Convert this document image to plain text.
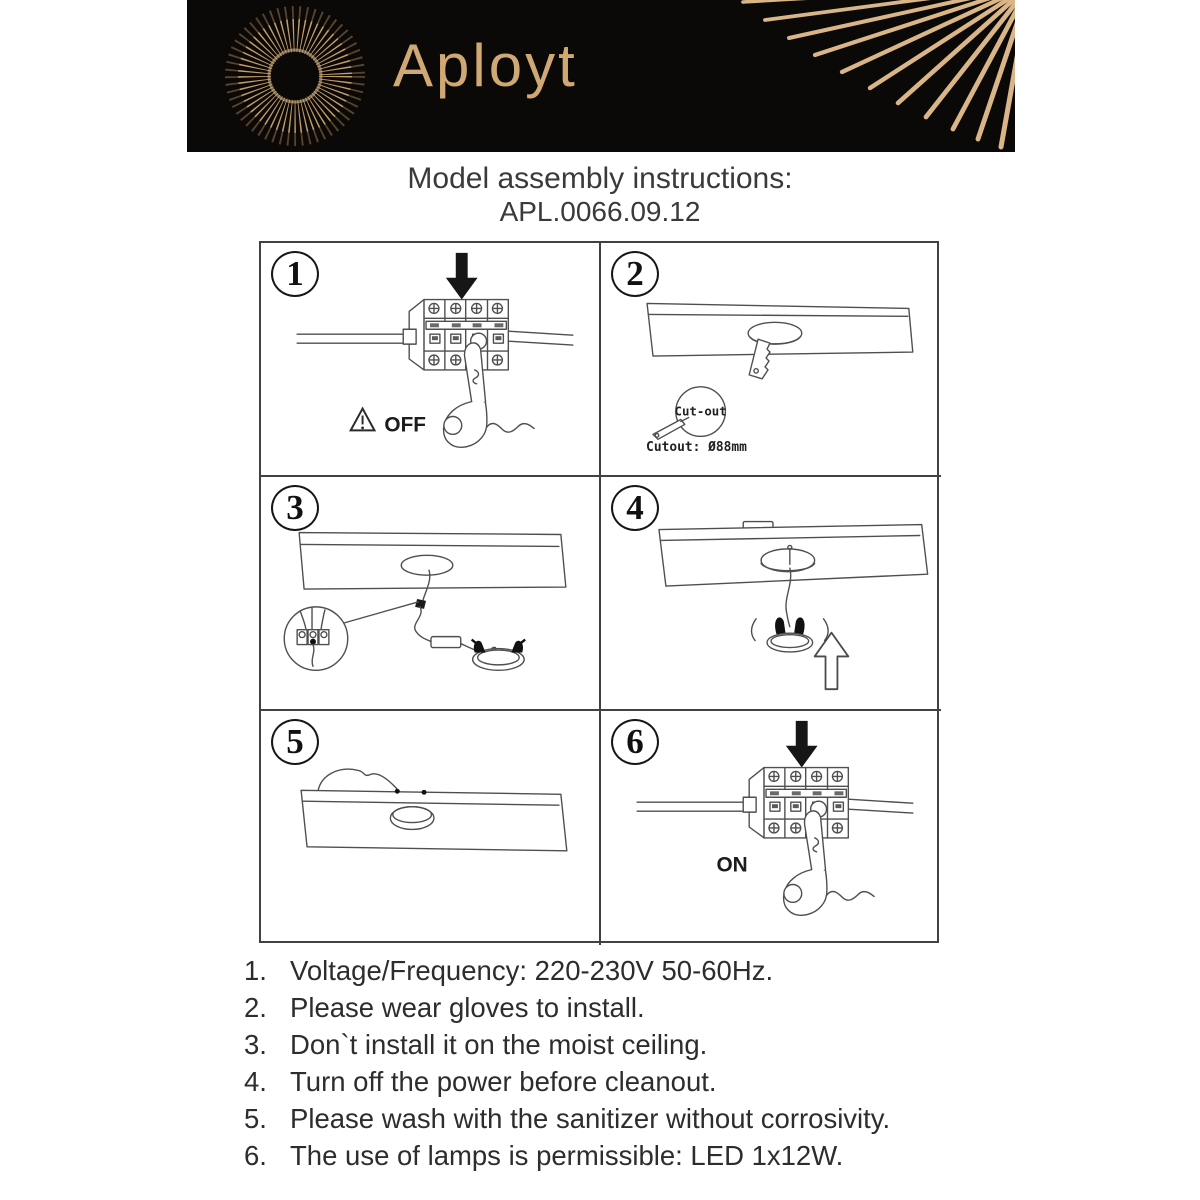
Aployt
Model assembly instructions:
APL.0066.09.12
1
OFF
2
Cut-out
Cutout: Ø88mm
3	4
5	6
ON
1. Voltage/Frequency: 220-230V 50-60Hz.
2. Please wear gloves to install.
3. Don`t install it on the moist ceiling.
4. Turn off the power before cleanout.
5. Please wash with the sanitizer without corrosivity.
6. The use of lamps is permissible: LED 1x12W.
